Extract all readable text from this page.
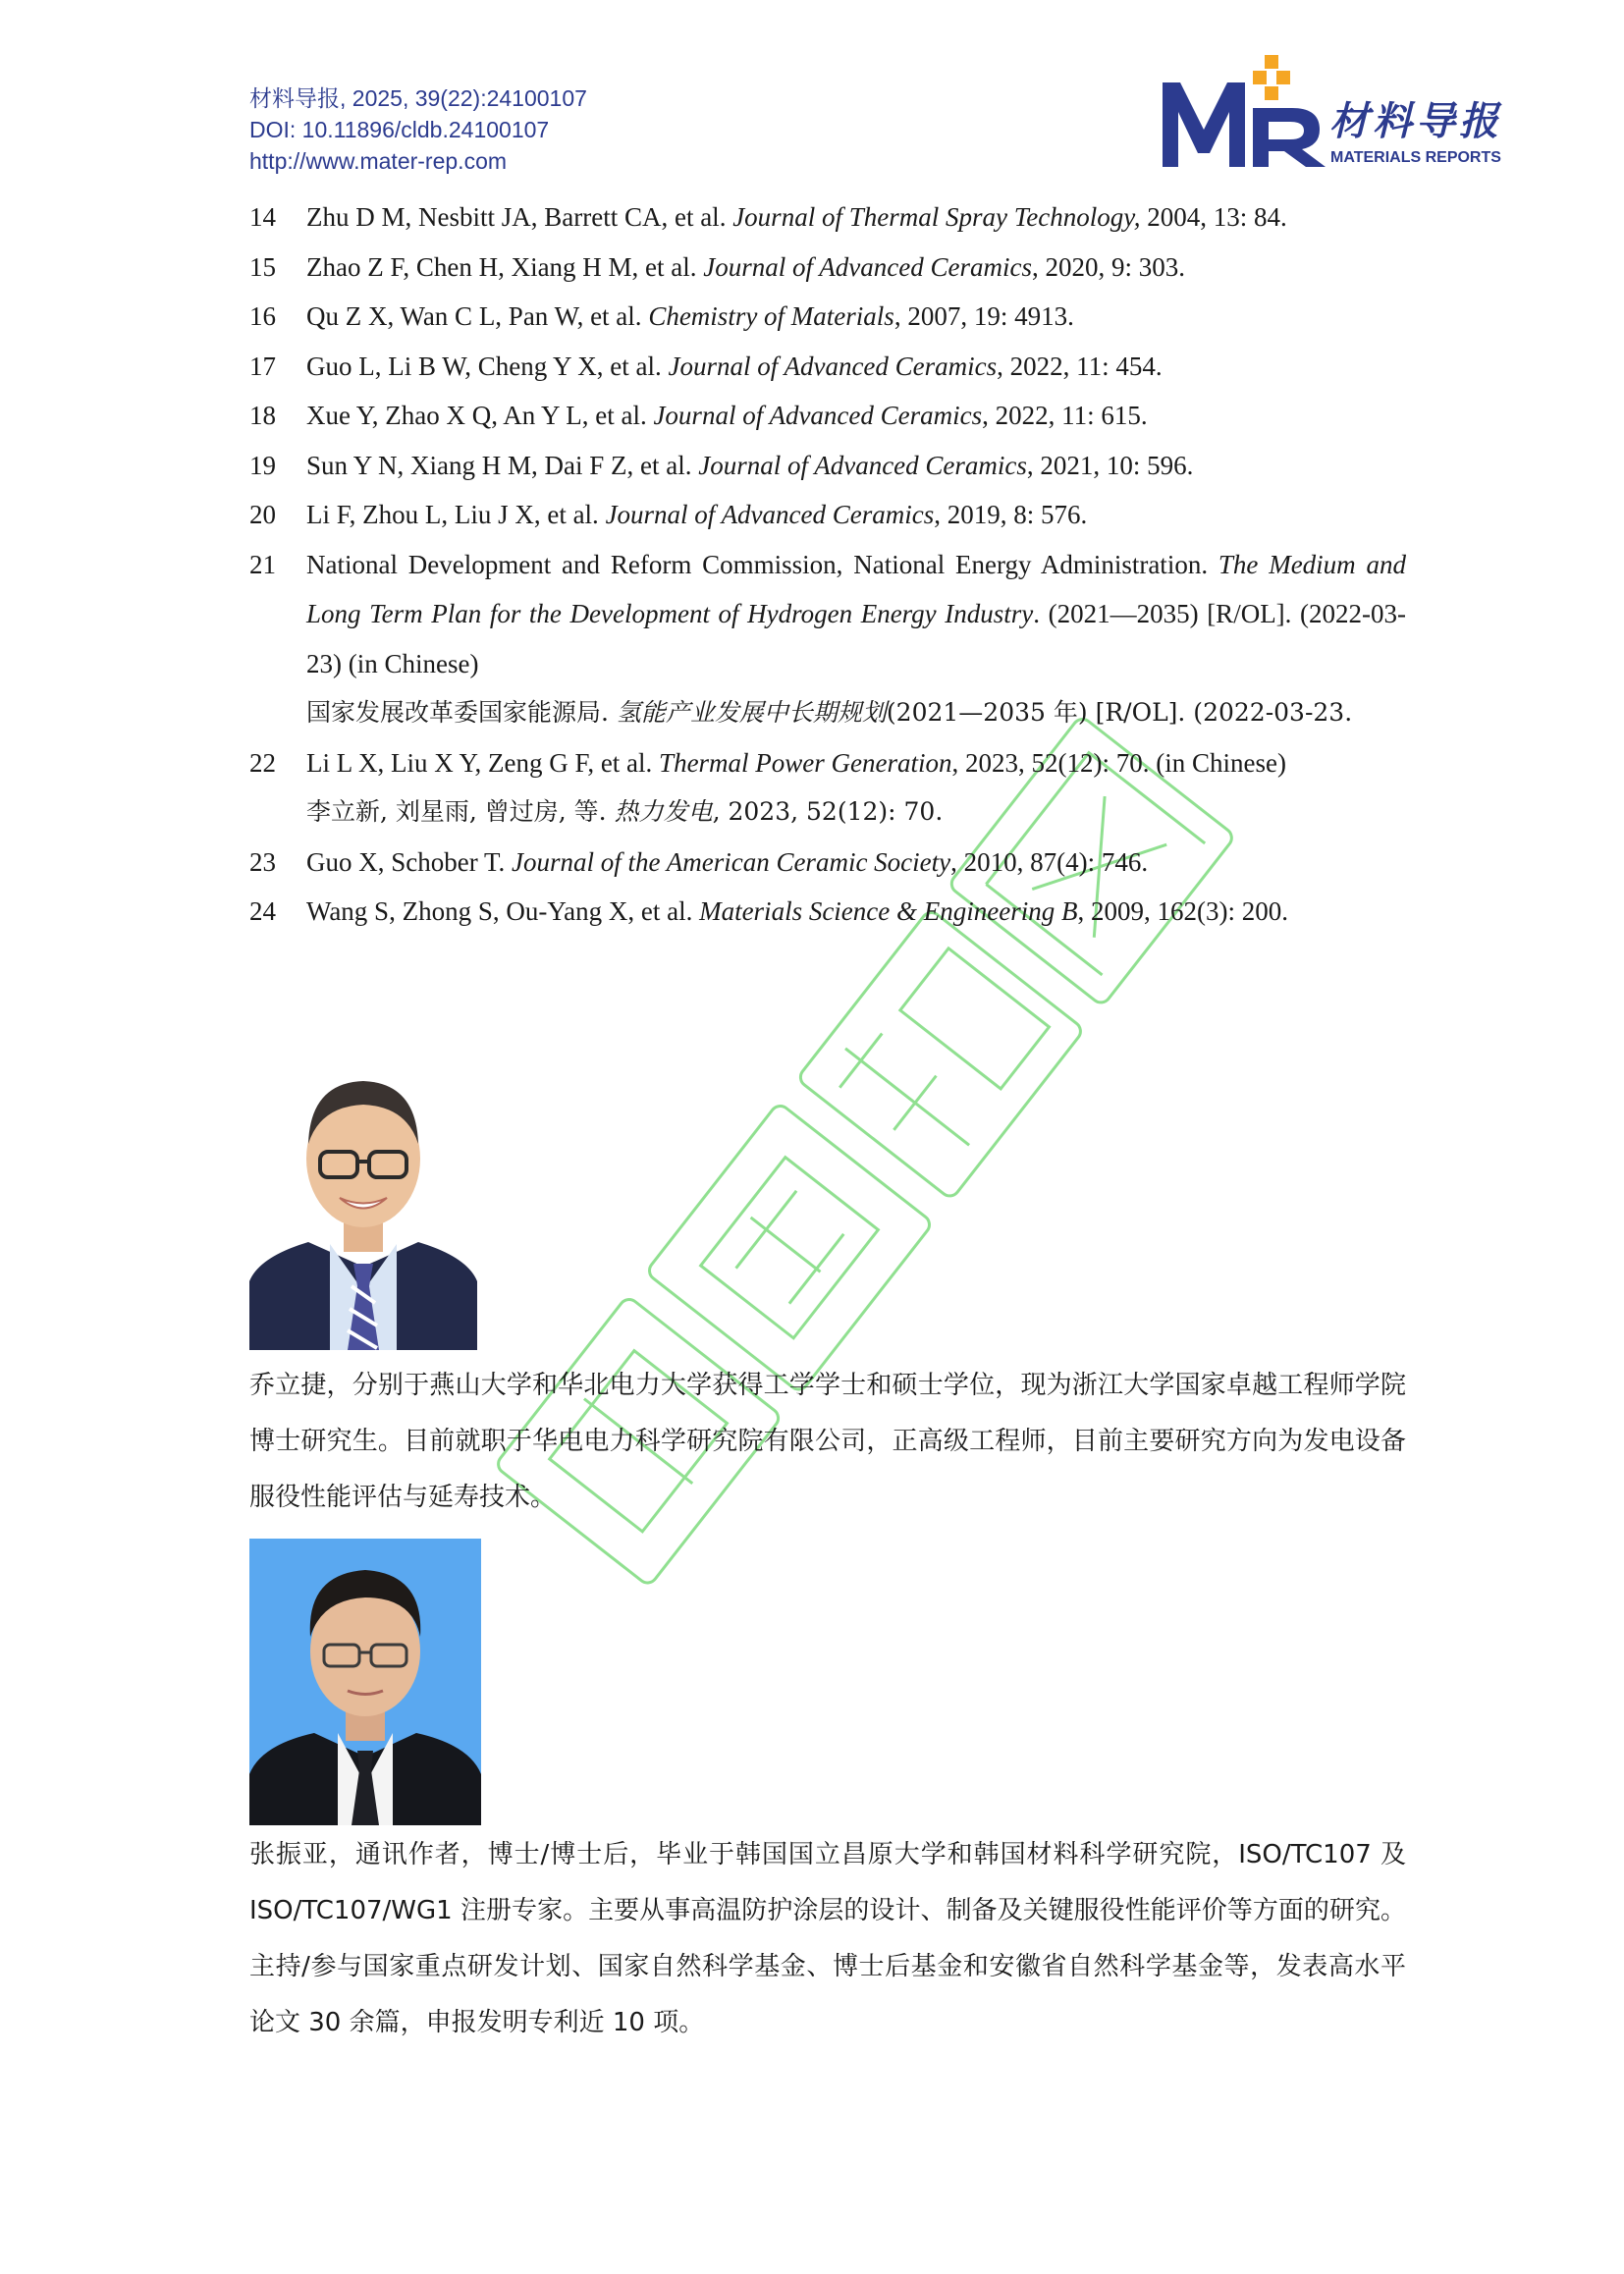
材料导报, 2025, 39(22):24100107
DOI: 10.11896/cldb.24100107
http://www.mater-rep.com
材料导报
MATERIALS REPORTS
14 Zhu D M, Nesbitt JA, Barrett CA, et al. Journal of Thermal Spray Technology, 2004, 13: 84.
15 Zhao Z F, Chen H, Xiang H M, et al. Journal of Advanced Ceramics, 2020, 9: 303.
16 Qu Z X, Wan C L, Pan W, et al. Chemistry of Materials, 2007, 19: 4913.
17 Guo L, Li B W, Cheng Y X, et al. Journal of Advanced Ceramics, 2022, 11: 454.
18 Xue Y, Zhao X Q, An Y L, et al. Journal of Advanced Ceramics, 2022, 11: 615.
19 Sun Y N, Xiang H M, Dai F Z, et al. Journal of Advanced Ceramics, 2021, 10: 596.
20 Li F, Zhou L, Liu J X, et al. Journal of Advanced Ceramics, 2019, 8: 576.
21 National Development and Reform Commission, National Energy Administration. The Medium and Long Term Plan for the Development of Hydrogen Energy Industry. (2021—2035) [R/OL]. (2022-03-23) (in Chinese)
国家发展改革委国家能源局. 氢能产业发展中长期规划(2021—2035 年) [R/OL]. (2022-03-23.
22 Li L X, Liu X Y, Zeng G F, et al. Thermal Power Generation, 2023, 52(12): 70. (in Chinese)
李立新, 刘星雨, 曾过房, 等. 热力发电, 2023, 52(12): 70.
23 Guo X, Schober T. Journal of the American Ceramic Society, 2010, 87(4): 746.
24 Wang S, Zhong S, Ou-Yang X, et al. Materials Science & Engineering B, 2009, 162(3): 200.
乔立捷，分别于燕山大学和华北电力大学获得工学学士和硕士学位，现为浙江大学国家卓越工程师学院博士研究生。目前就职于华电电力科学研究院有限公司，正高级工程师，目前主要研究方向为发电设备服役性能评估与延寿技术。
张振亚，通讯作者，博士/博士后，毕业于韩国国立昌原大学和韩国材料科学研究院，ISO/TC107 及 ISO/TC107/WG1 注册专家。主要从事高温防护涂层的设计、制备及关键服役性能评价等方面的研究。主持/参与国家重点研发计划、国家自然科学基金、博士后基金和安徽省自然科学基金等，发表高水平论文 30 余篇，申报发明专利近 10 项。
